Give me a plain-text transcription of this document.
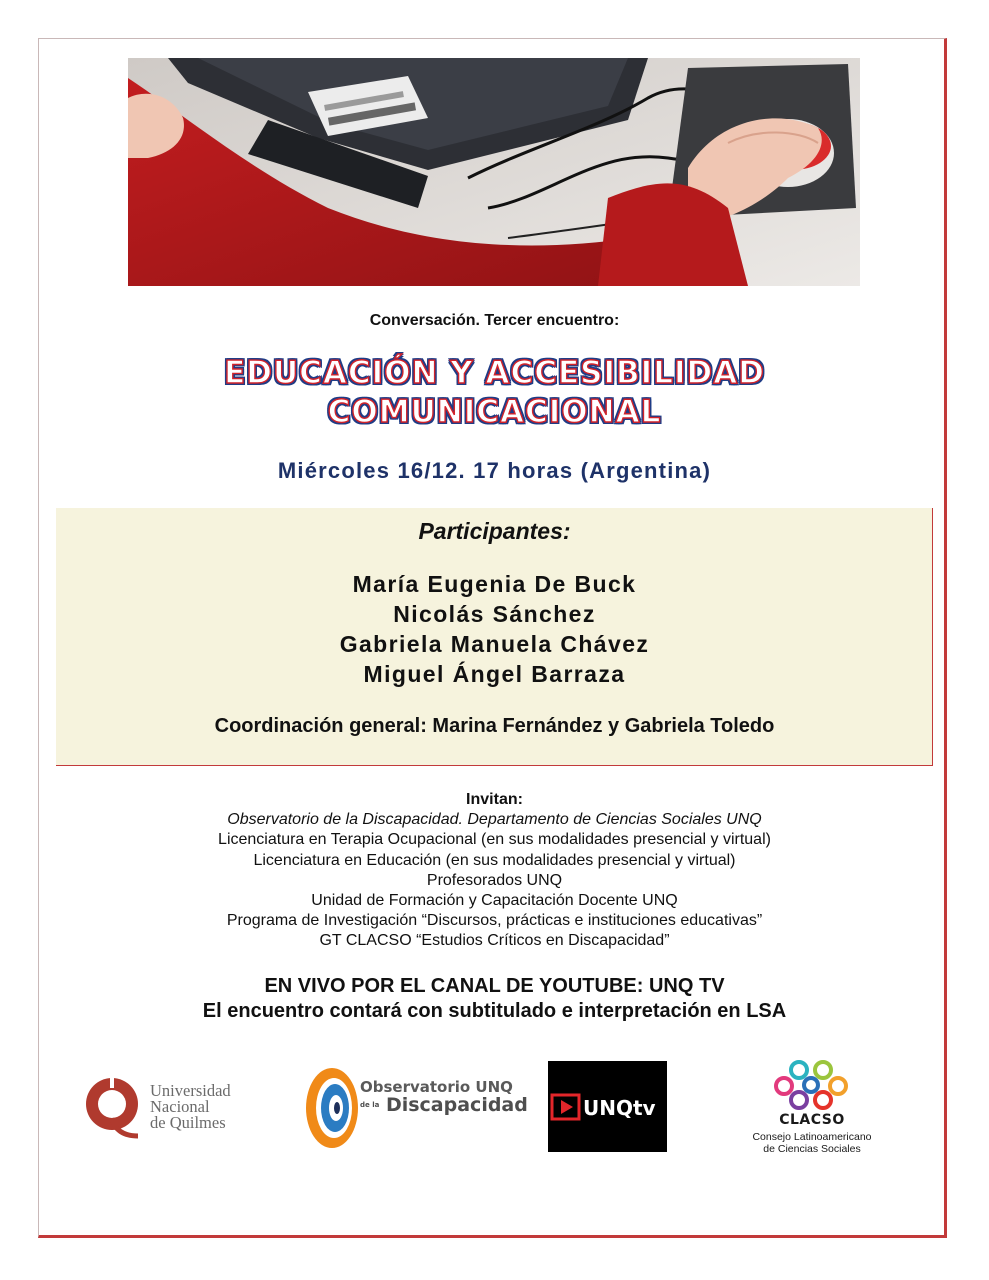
Conversación. Tercer encuentro:
EDUCACIÓN Y ACCESIBILIDAD
COMUNICACIONAL
Miércoles 16/12. 17 horas (Argentina)
Participantes:
María Eugenia De Buck
Nicolás Sánchez
Gabriela Manuela Chávez
Miguel Ángel Barraza
Coordinación general: Marina Fernández y Gabriela Toledo
Invitan:
Observatorio de la Discapacidad. Departamento de Ciencias Sociales UNQ
Licenciatura en Terapia Ocupacional (en sus modalidades presencial y virtual)
Licenciatura en Educación (en sus modalidades presencial y virtual)
Profesorados UNQ
Unidad de Formación y Capacitación Docente UNQ
Programa de Investigación “Discursos, prácticas e instituciones educativas”
GT CLACSO “Estudios Críticos en Discapacidad”
EN VIVO POR EL CANAL DE YOUTUBE: UNQ TV
El encuentro contará con subtitulado e interpretación en LSA
Universidad
Nacional
de Quilmes
Observatorio UNQ
$^{de la}$ Discapacidad	UNQtv	CLACSO
Consejo Latinoamericano
de Ciencias Sociales
